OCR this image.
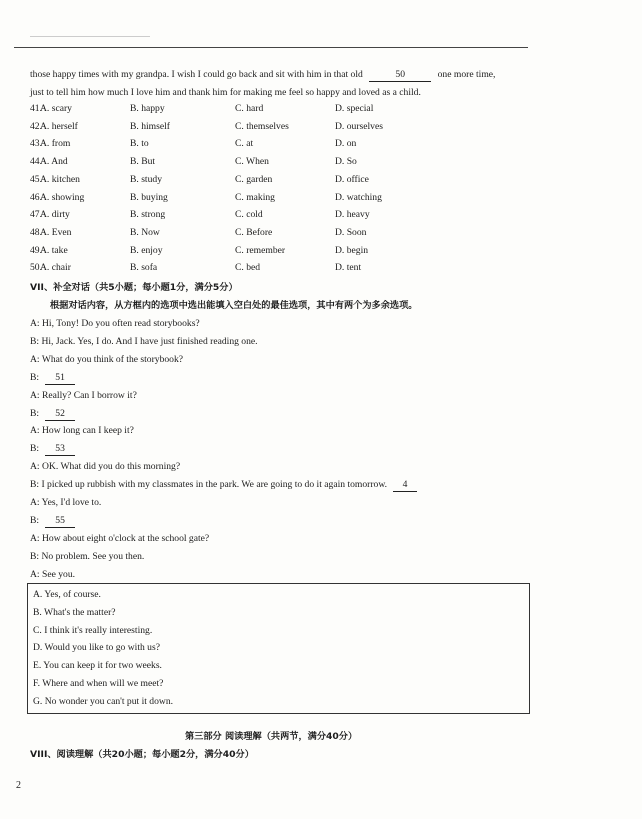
those happy times with my grandpa. I wish I could go back and sit with him in that old	50	one more time,
just to tell him how much I love him and thank him for making me feel so happy and loved as a child.
41.
A. scary	B. happy	C. hard	D. special
42.
A. herself	B. himself	C. themselves	D. ourselves
43.
A. from	B. to	C. at	D. on
44.
A. And	B. But	C. When	D. So
45.
A. kitchen	B. study	C. garden	D. office
46.
A. showing	B. buying	C. making	D. watching
47.
A. dirty	B. strong	C. cold	D. heavy
48.
A. Even	B. Now	C. Before	D. Soon
49.
A. take	B. enjoy	C. remember	D. begin
50.
A. chair	B. sofa	C. bed	D. tent
VII、补全对话（共5小题；每小题1分，满分5分）
根据对话内容，从方框内的选项中选出能填入空白处的最佳选项，其中有两个为多余选项。
A: Hi, Tony! Do you often read storybooks?
B: Hi, Jack. Yes, I do. And I have just finished reading one.
A: What do you think of the storybook?
B: 51
A: Really? Can I borrow it?
B: 52
A: How long can I keep it?
B: 53
A: OK. What did you do this morning?
B: I picked up rubbish with my classmates in the park. We are going to do it again tomorrow. 4
A: Yes, I'd love to.
B: 55
A: How about eight o'clock at the school gate?
B: No problem. See you then.
A: See you.
A. Yes, of course.
B. What's the matter?
C. I think it's really interesting.
D. Would you like to go with us?
E. You can keep it for two weeks.
F. Where and when will we meet?
G. No wonder you can't put it down.
第三部分 阅读理解（共两节，满分40分）
VIII、阅读理解（共20小题；每小题2分，满分40分）
2
